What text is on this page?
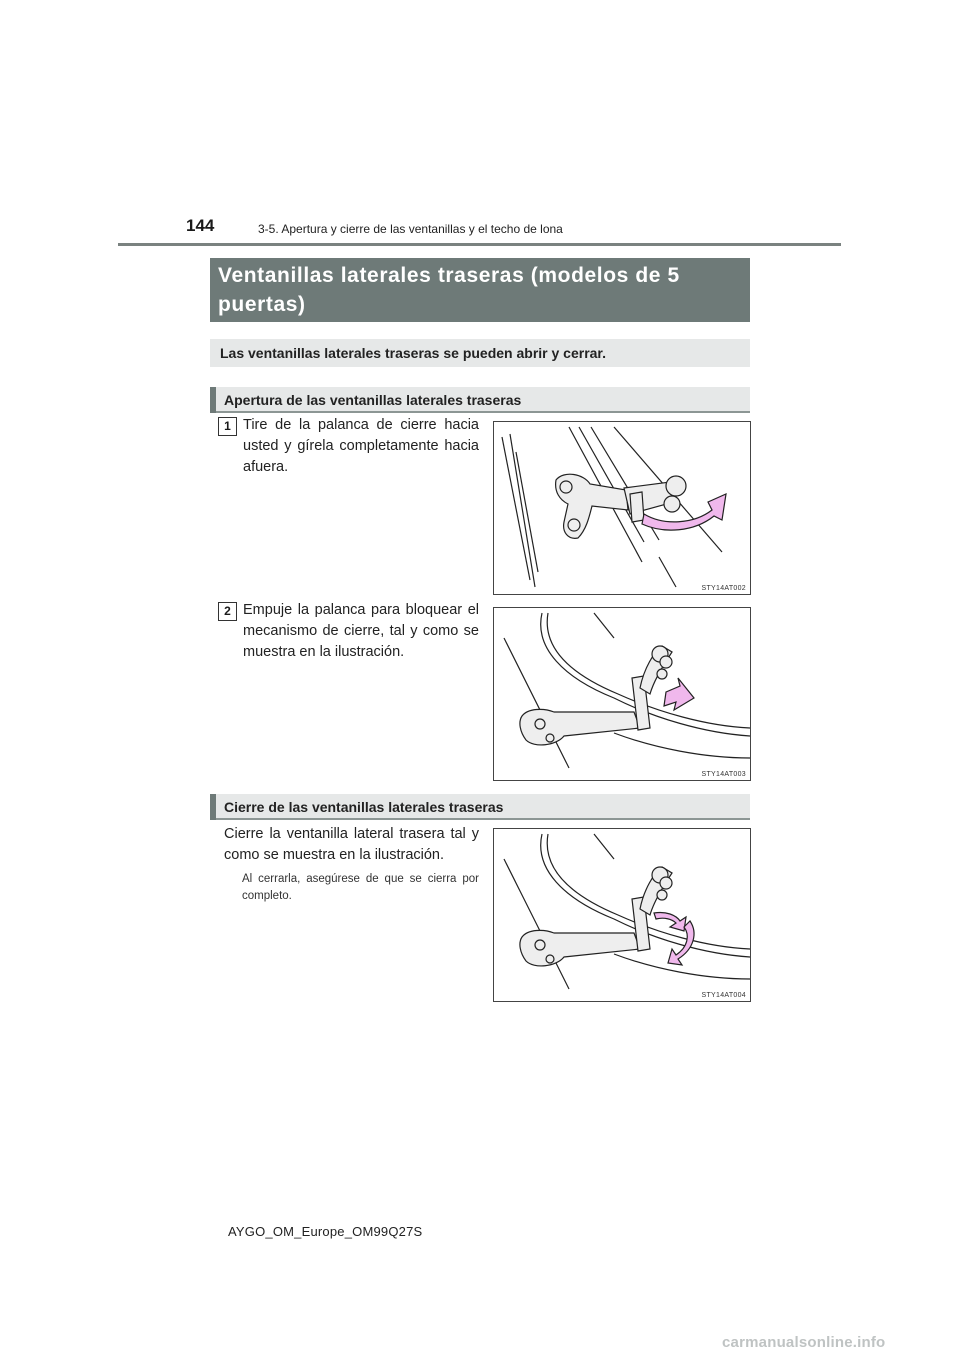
144	3-5. Apertura y cierre de las ventanillas y el techo de lona
Ventanillas laterales traseras (modelos de 5 puertas)
Las ventanillas laterales traseras se pueden abrir y cerrar.
Apertura de las ventanillas laterales traseras
1 Tire de la palanca de cierre hacia usted y gírela completamente hacia afuera.
STY14AT002
2 Empuje la palanca para bloquear el mecanismo de cierre, tal y como se muestra en la ilustración.
STY14AT003
Cierre de las ventanillas laterales traseras
Cierre la ventanilla lateral trasera tal y como se muestra en la ilustración.
Al cerrarla, asegúrese de que se cierra por completo.
STY14AT004
AYGO_OM_Europe_OM99Q27S
carmanualsonline.info
